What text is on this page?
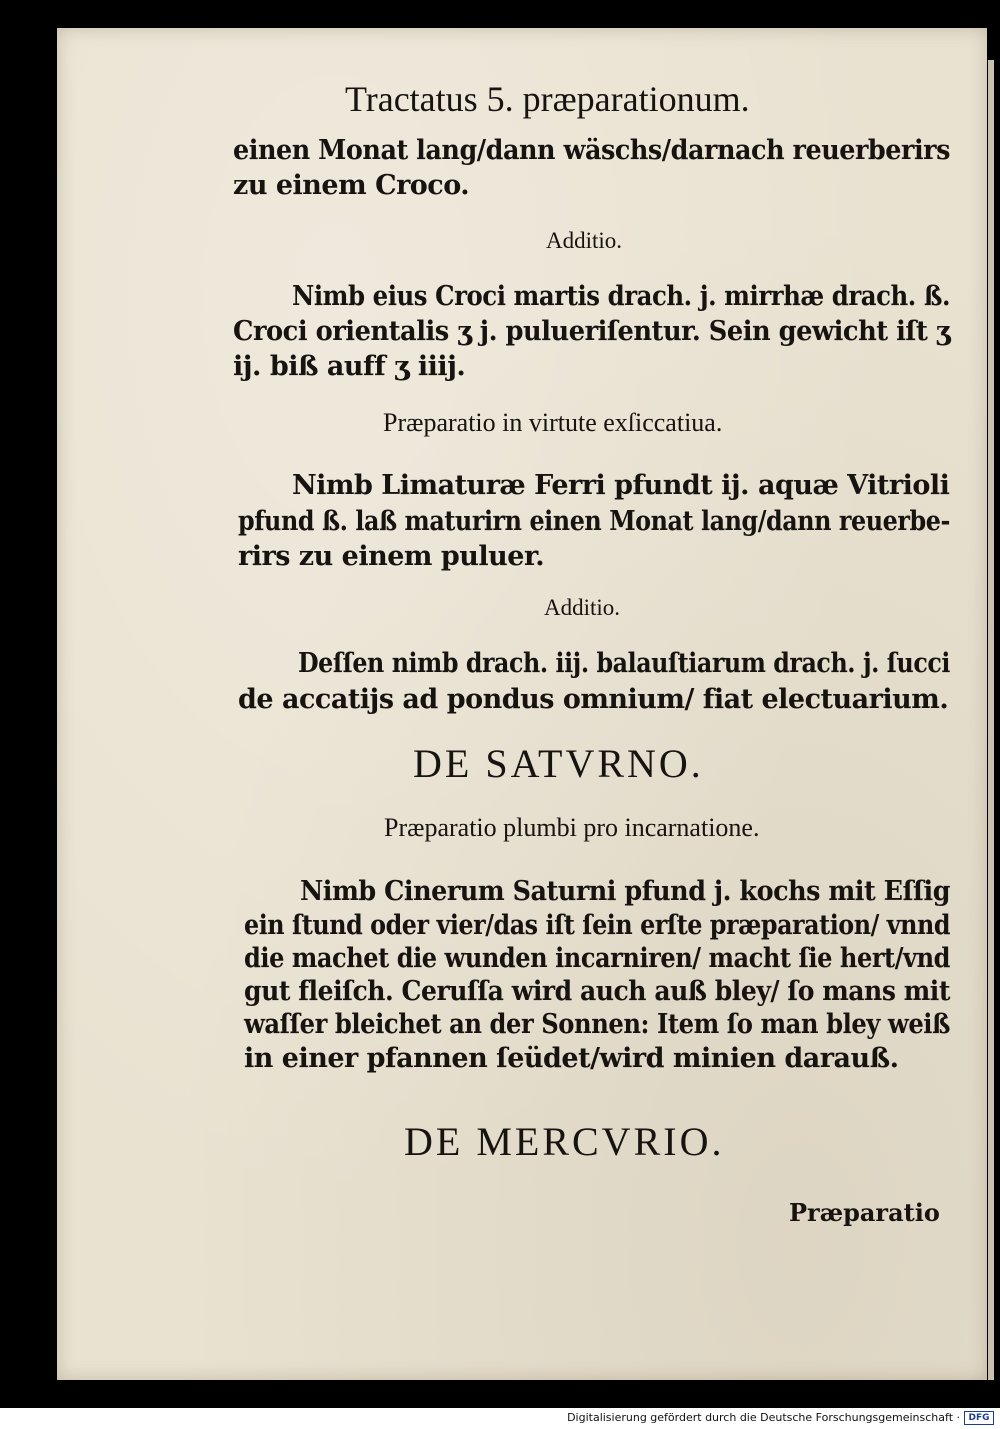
Tractatus 5. præparationum.
einen Monat lang/dann wäschs/darnach reuerberirs
zu einem Croco.
Additio.
Nimb eius Croci martis drach. j. mirrhæ drach. ß.
Croci orientalis ʒ j. pulueriſentur. Sein gewicht iſt ʒ
ij. biß auff ʒ iiij.
Præparatio in virtute exſiccatiua.
Nimb Limaturæ Ferri pfundt ij. aquæ Vitrioli
pfund ß. laß maturirn einen Monat lang/dann reuerbe-
rirs zu einem puluer.
Additio.
Deſſen nimb drach. iij. balauſtiarum drach. j. ſucci
de accatijs ad pondus omnium/ fiat electuarium.
DE SATVRNO.
Præparatio plumbi pro incarnatione.
Nimb Cinerum Saturni pfund j. kochs mit Eſſig
ein ſtund oder vier/das iſt ſein erſte præparation/ vnnd
die machet die wunden incarniren/ macht ſie hert/vnd
gut fleiſch. Ceruſſa wird auch auß bley/ ſo mans mit
waſſer bleichet an der Sonnen: Item ſo man bley weiß
in einer pfannen ſeüdet/wird minien darauß.
DE MERCVRIO.
Præparatio
Digitalisierung gefördert durch die Deutsche Forschungsgemeinschaft · DFG
